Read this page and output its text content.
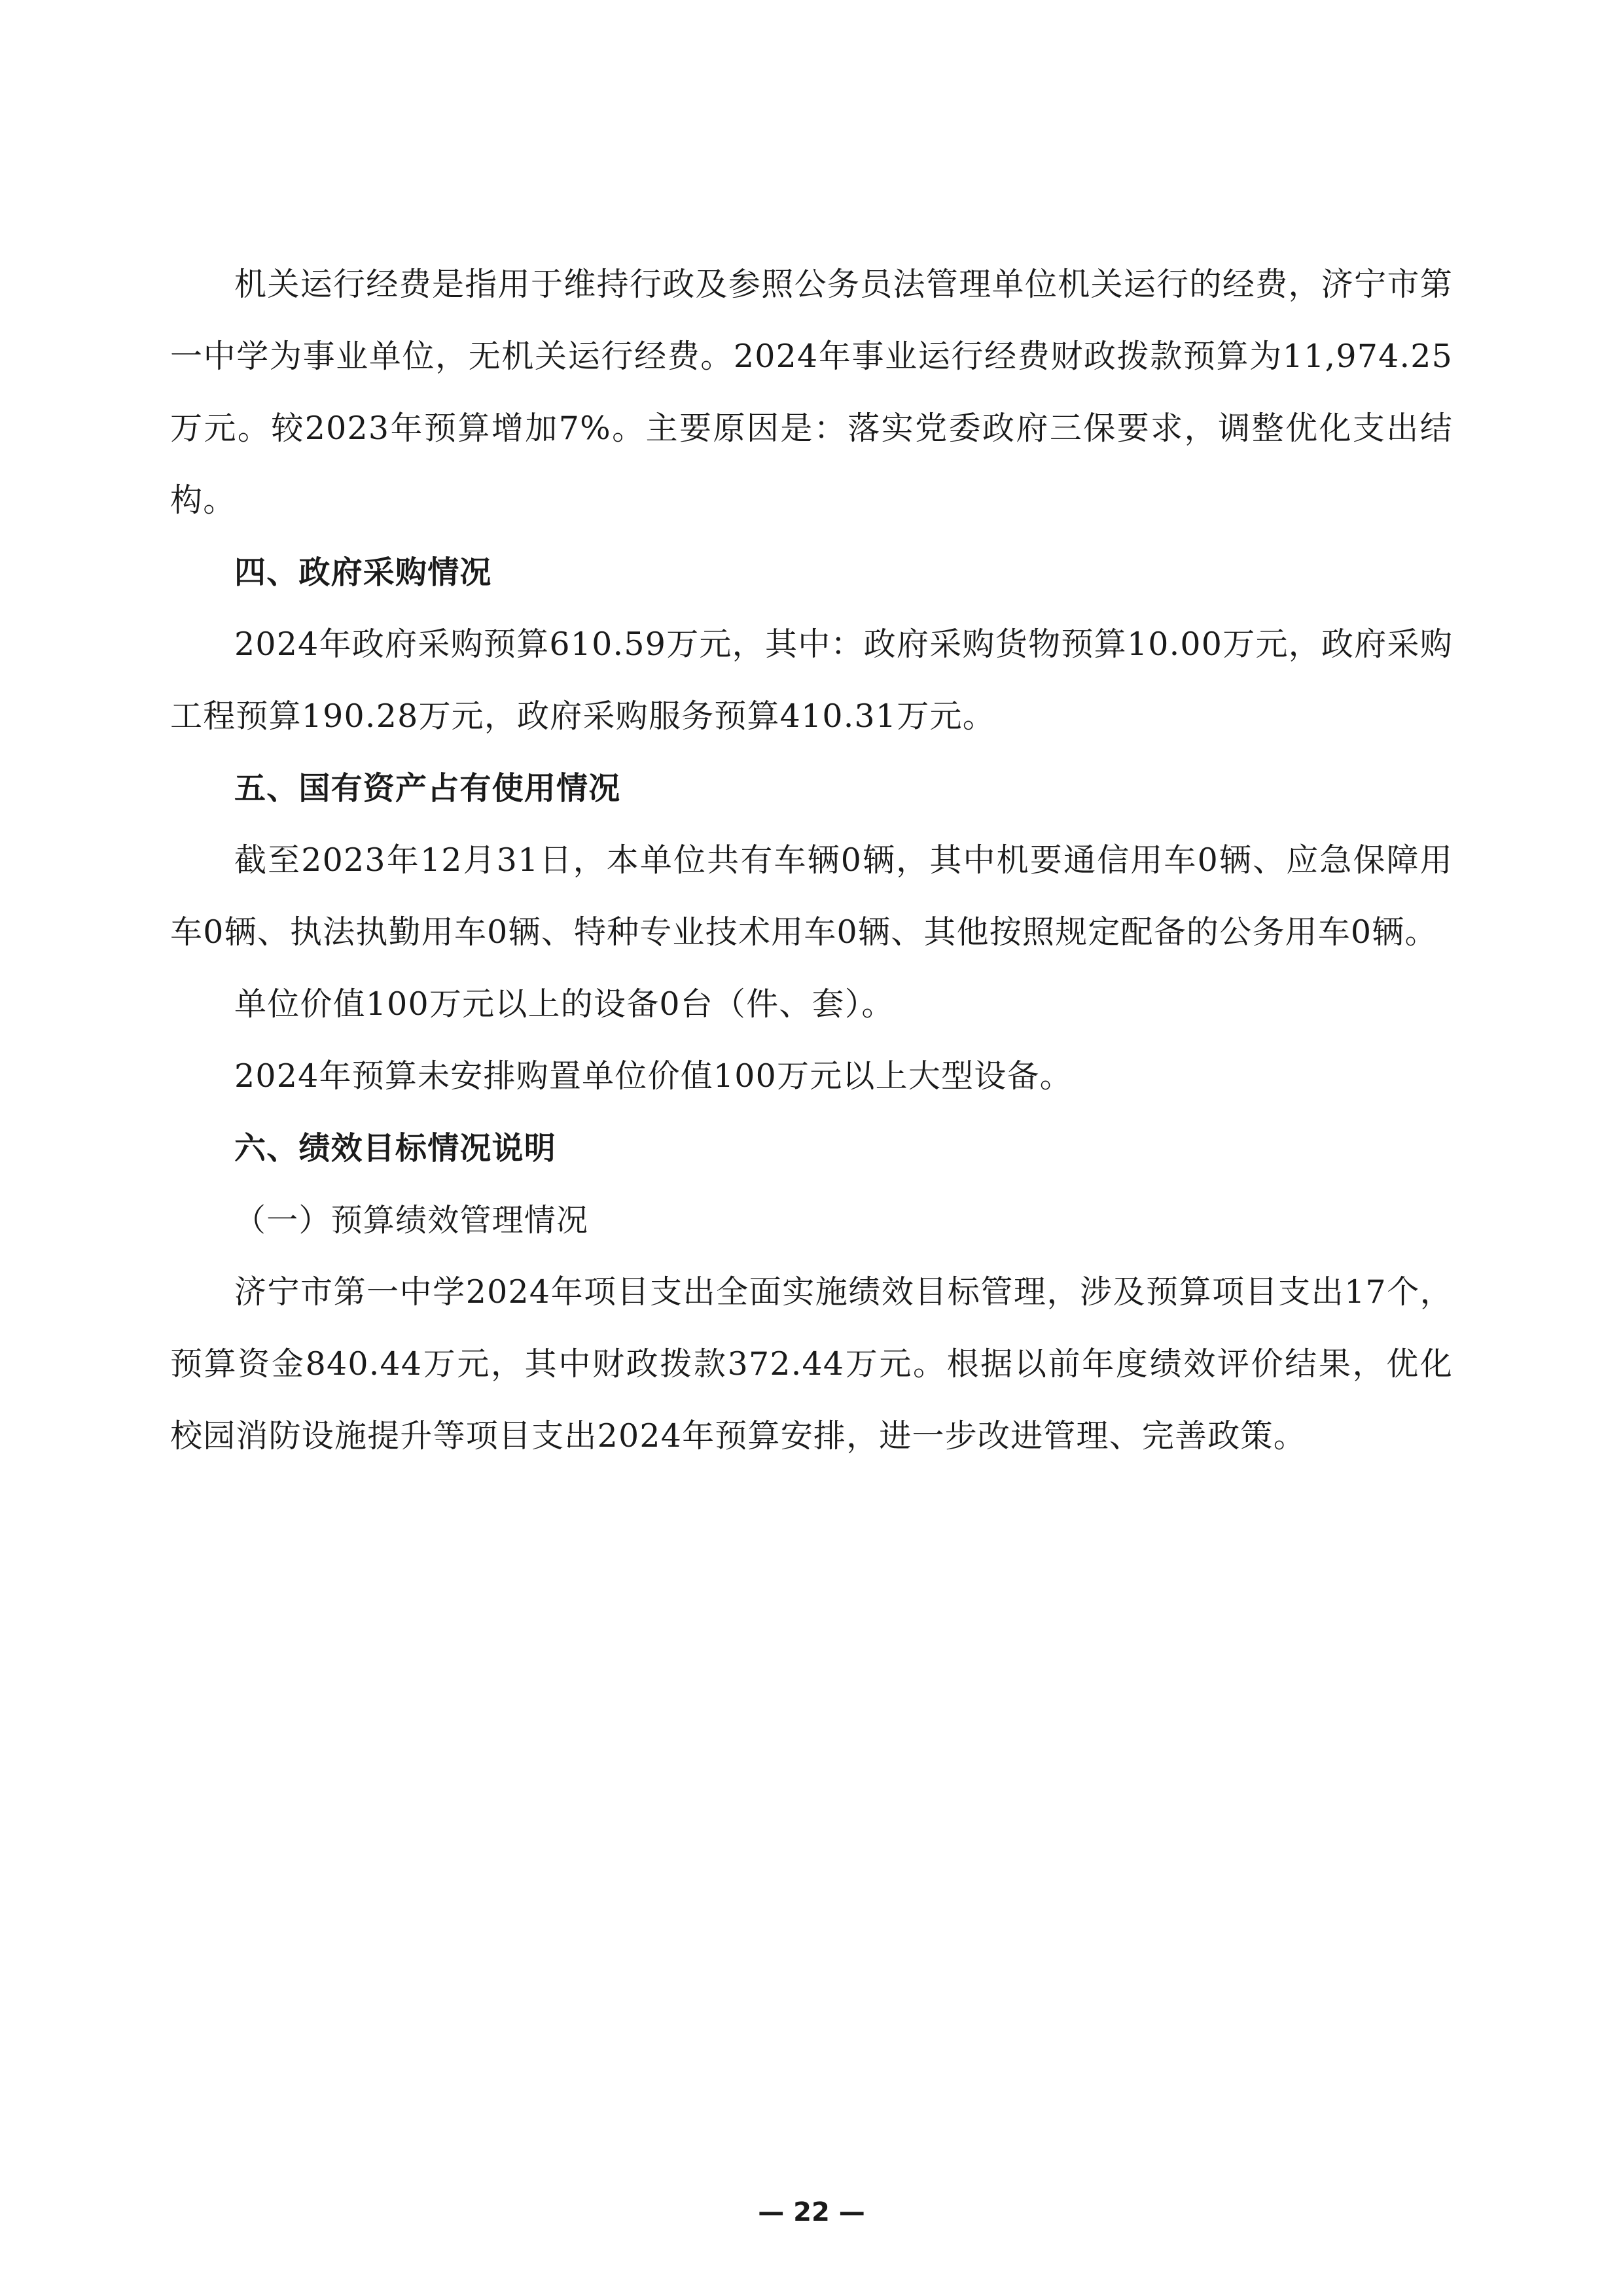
机关运行经费是指用于维持行政及参照公务员法管理单位机关运行的经费，济宁市第一中学为事业单位，无机关运行经费。2024年事业运行经费财政拨款预算为11,974.25万元。较2023年预算增加7%。主要原因是：落实党委政府三保要求，调整优化支出结构。

四、政府采购情况

2024年政府采购预算610.59万元，其中：政府采购货物预算10.00万元，政府采购工程预算190.28万元，政府采购服务预算410.31万元。

五、国有资产占有使用情况

截至2023年12月31日，本单位共有车辆0辆，其中机要通信用车0辆、应急保障用车0辆、执法执勤用车0辆、特种专业技术用车0辆、其他按照规定配备的公务用车0辆。

单位价值100万元以上的设备0台（件、套）。

2024年预算未安排购置单位价值100万元以上大型设备。

六、绩效目标情况说明

（一）预算绩效管理情况

济宁市第一中学2024年项目支出全面实施绩效目标管理，涉及预算项目支出17个，预算资金840.44万元，其中财政拨款372.44万元。根据以前年度绩效评价结果，优化校园消防设施提升等项目支出2024年预算安排，进一步改进管理、完善政策。

— 22 —
